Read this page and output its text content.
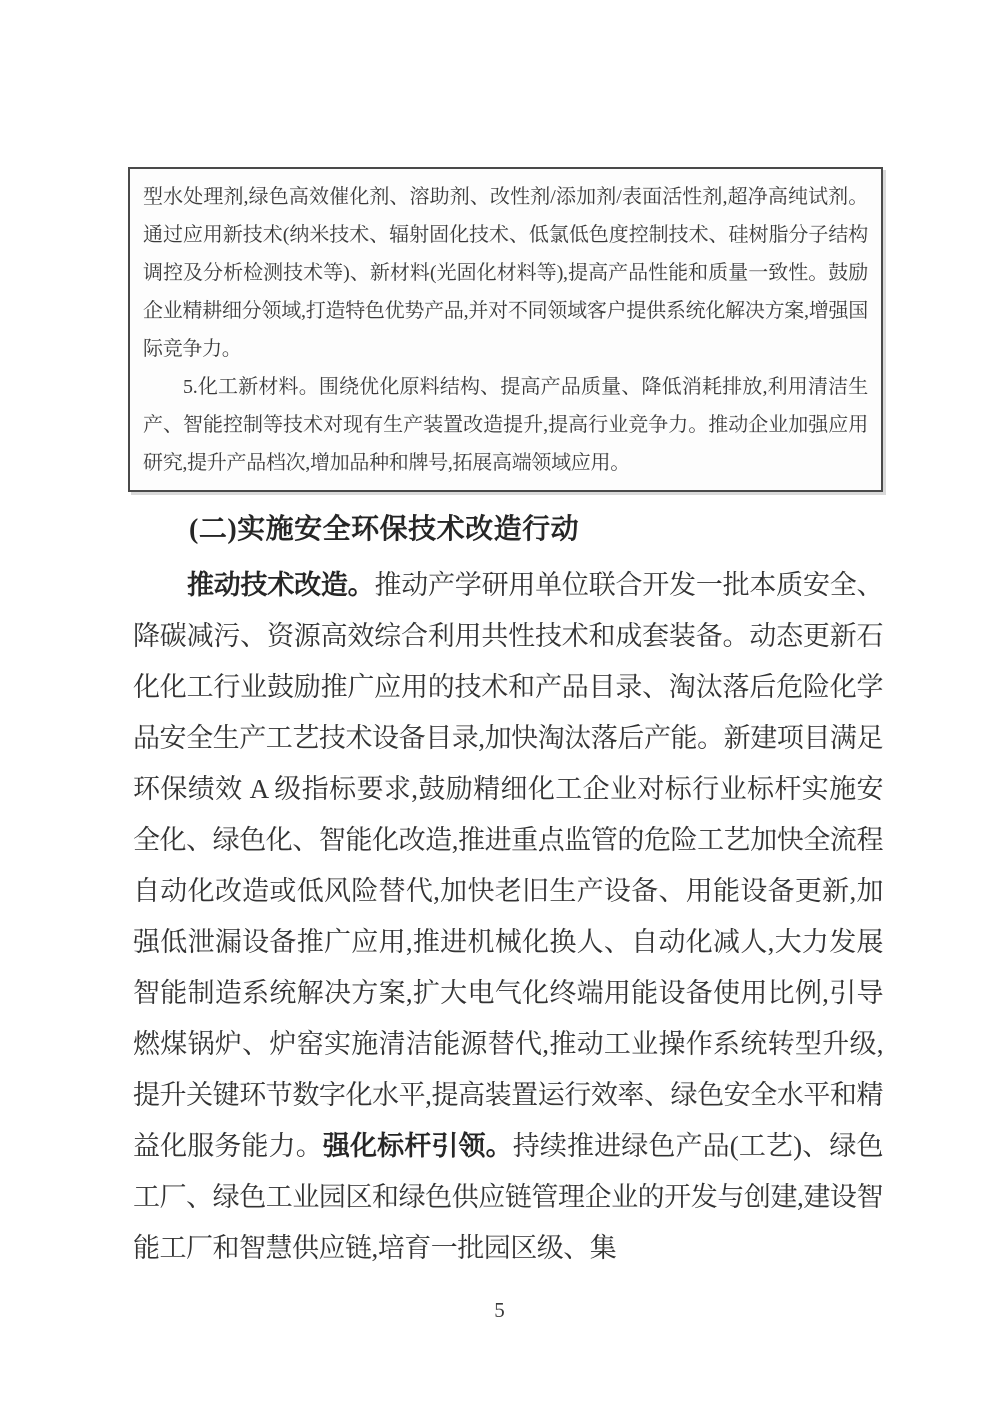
型水处理剂,绿色高效催化剂、溶助剂、改性剂/添加剂/表面活性剂,超净高纯试剂。通过应用新技术(纳米技术、辐射固化技术、低氯低色度控制技术、硅树脂分子结构调控及分析检测技术等)、新材料(光固化材料等),提高产品性能和质量一致性。鼓励企业精耕细分领域,打造特色优势产品,并对不同领域客户提供系统化解决方案,增强国际竞争力。

5.化工新材料。围绕优化原料结构、提高产品质量、降低消耗排放,利用清洁生产、智能控制等技术对现有生产装置改造提升,提高行业竞争力。推动企业加强应用研究,提升产品档次,增加品种和牌号,拓展高端领域应用。

(二)实施安全环保技术改造行动

推动技术改造。推动产学研用单位联合开发一批本质安全、降碳减污、资源高效综合利用共性技术和成套装备。动态更新石化化工行业鼓励推广应用的技术和产品目录、淘汰落后危险化学品安全生产工艺技术设备目录,加快淘汰落后产能。新建项目满足环保绩效 A 级指标要求,鼓励精细化工企业对标行业标杆实施安全化、绿色化、智能化改造,推进重点监管的危险工艺加快全流程自动化改造或低风险替代,加快老旧生产设备、用能设备更新,加强低泄漏设备推广应用,推进机械化换人、自动化减人,大力发展智能制造系统解决方案,扩大电气化终端用能设备使用比例,引导燃煤锅炉、炉窑实施清洁能源替代,推动工业操作系统转型升级,提升关键环节数字化水平,提高装置运行效率、绿色安全水平和精益化服务能力。强化标杆引领。持续推进绿色产品(工艺)、绿色工厂、绿色工业园区和绿色供应链管理企业的开发与创建,建设智能工厂和智慧供应链,培育一批园区级、集

5
